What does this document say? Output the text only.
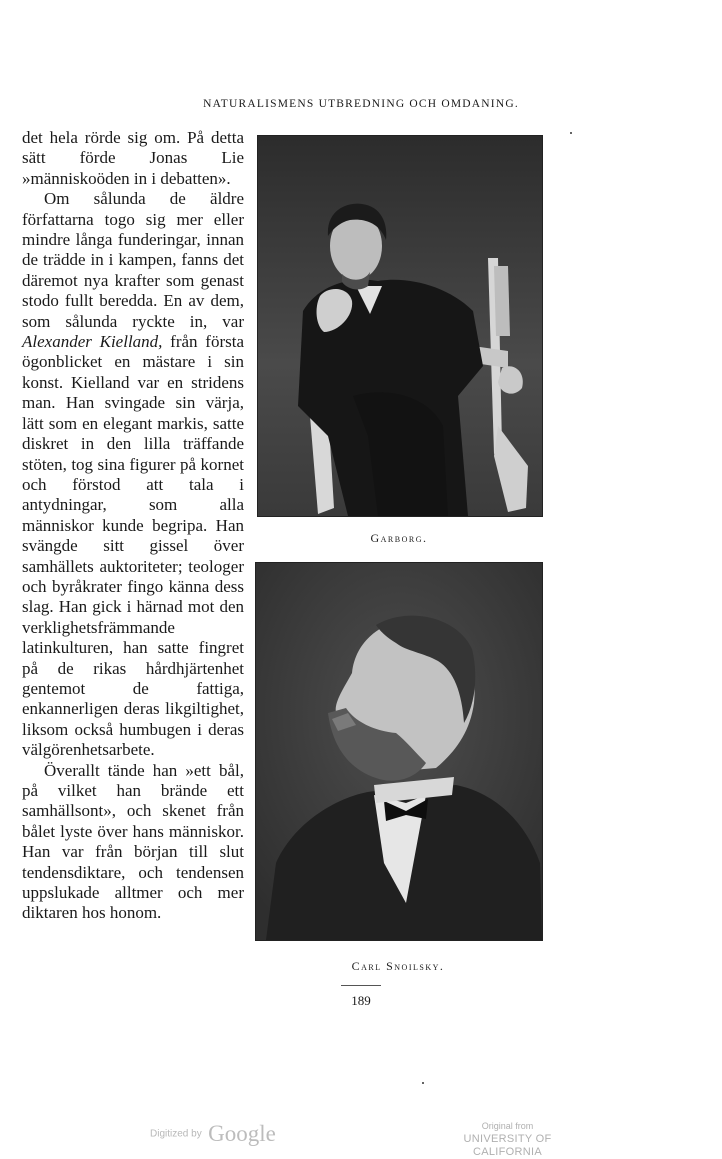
NATURALISMENS UTBREDNING OCH OMDANING.

det hela rörde sig om. På detta sätt förde Jonas Lie »människoöden in i debatten».

Om sålunda de äldre författarna togo sig mer eller mindre långa funderingar, innan de trädde in i kampen, fanns det däremot nya krafter som genast stodo fullt beredda. En av dem, som sålunda ryckte in, var Alexander Kielland, från första ögonblicket en mästare i sin konst. Kielland var en stridens man. Han svingade sin värja, lätt som en elegant markis, satte diskret in den lilla träffande stöten, tog sina figurer på kornet och förstod att tala i antydningar, som alla människor kunde begripa. Han svängde sitt gissel över samhällets auktoriteter; teologer och byråkrater fingo känna dess slag. Han gick i härnad mot den verklighetsfrämmande latinkulturen, han satte fingret på de rikas hårdhjärtenhet gentemot de fattiga, enkannerligen deras likgiltighet, liksom också humbugen i deras välgörenhetsarbete.

Överallt tände han »ett bål, på vilket han brände ett samhällsont», och skenet från bålet lyste över hans människor. Han var från början till slut tendensdiktare, och tendensen uppslukade alltmer och mer diktaren hos honom.

Garborg.
Carl Snoilsky.
189
Digitized by Google	Original from
UNIVERSITY OF CALIFORNIA
